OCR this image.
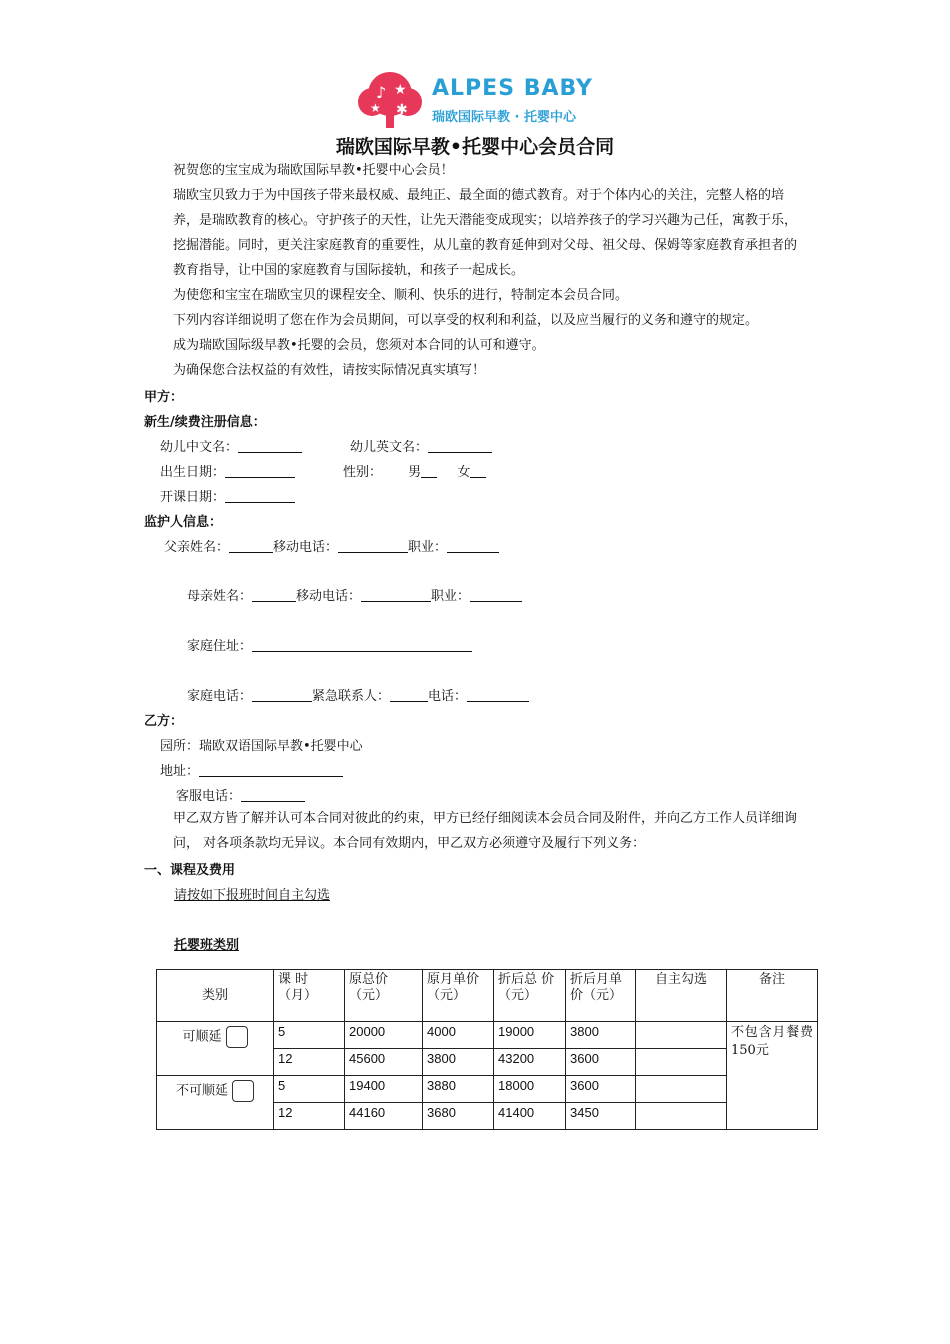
♪ ★
★ ✱
ALPES BABY
瑞欧国际早教 · 托婴中心
瑞欧国际早教•托婴中心会员合同
祝贺您的宝宝成为瑞欧国际早教•托婴中心会员！
瑞欧宝贝致力于为中国孩子带来最权威、最纯正、最全面的德式教育。对于个体内心的关注，完整人格的培养，是瑞欧教育的核心。守护孩子的天性，让先天潜能变成现实；以培养孩子的学习兴趣为己任，寓教于乐，挖掘潜能。同时，更关注家庭教育的重要性，从儿童的教育延伸到对父母、祖父母、保姆等家庭教育承担者的教育指导，让中国的家庭教育与国际接轨，和孩子一起成长。
为使您和宝宝在瑞欧宝贝的课程安全、顺利、快乐的进行，特制定本会员合同。
下列内容详细说明了您在作为会员期间，可以享受的权利和利益，以及应当履行的义务和遵守的规定。
成为瑞欧国际级早教•托婴的会员，您须对本合同的认可和遵守。
为确保您合法权益的有效性，请按实际情况真实填写！
甲方：
新生/续费注册信息：
幼儿中文名：	幼儿英文名：
出生日期：	性别： 男	女
开课日期：
监护人信息：
父亲姓名：	移动电话：	职业：
母亲姓名：	移动电话：	职业：
家庭住址：
家庭电话：	紧急联系人：	电话：
乙方：
园所：瑞欧双语国际早教•托婴中心
地址：
客服电话：
甲乙双方皆了解并认可本合同对彼此的约束，甲方已经仔细阅读本会员合同及附件，并向乙方工作人员详细询问， 对各项条款均无异议。本合同有效期内，甲乙双方必须遵守及履行下列义务：
一、课程及费用
请按如下报班时间自主勾选
托婴班类别
类别	课 时（月）	原总价（元）	原月单价（元）	折后总 价（元）	折后月单价（元）	自主勾选	备注
可顺延	5	20000	4000	19000	3800		不包含月餐费 150元
	12	45600	3800	43200	3600		
不可顺延	5	19400	3880	18000	3600		
	12	44160	3680	41400	3450		
